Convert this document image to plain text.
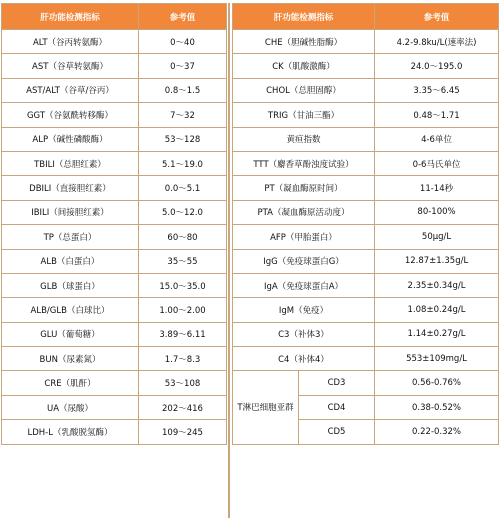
肝功能检测指标	参考值
ALT（谷丙转氨酶）	0～40
AST（谷草转氨酶）	0～37
AST/ALT（谷草/谷丙）	0.8～1.5
GGT（谷氨酰转移酶）	7～32
ALP（碱性磷酸酶）	53～128
TBILI（总胆红素）	5.1～19.0
DBILI（直接胆红素）	0.0～5.1
IBILI（间接胆红素）	5.0～12.0
TP（总蛋白）	60～80
ALB（白蛋白）	35～55
GLB（球蛋白）	15.0～35.0
ALB/GLB（白球比）	1.00～2.00
GLU（葡萄糖）	3.89～6.11
BUN（尿素氮）	1.7～8.3
CRE（肌酐）	53～108
UA（尿酸）	202～416
LDH-L（乳酸脱氢酶）	109～245
肝功能检测指标		参考值
CHE（胆碱性脂酶）		4.2-9.8ku/L(速率法)
CK（肌酸激酶）		24.0～195.0
CHOL（总胆固醇）		3.35～6.45
TRIG（甘油三酯）		0.48～1.71
黄疸指数		4-6单位
TTT（麝香草酚浊度试验）		0-6马氏单位
PT（凝血酶原时间）		11-14秒
PTA（凝血酶原活动度）		80-100%
AFP（甲胎蛋白）		50μg/L
IgG（免疫球蛋白G）		12.87±1.35g/L
IgA（免疫球蛋白A）		2.35±0.34g/L
IgM（免疫）		1.08±0.24g/L
C3（补体3）		1.14±0.27g/L
C4（补体4）		553±109mg/L
T淋巴细胞亚群	CD3	0.56-0.76%
	CD4	0.38-0.52%
	CD5	0.22-0.32%
